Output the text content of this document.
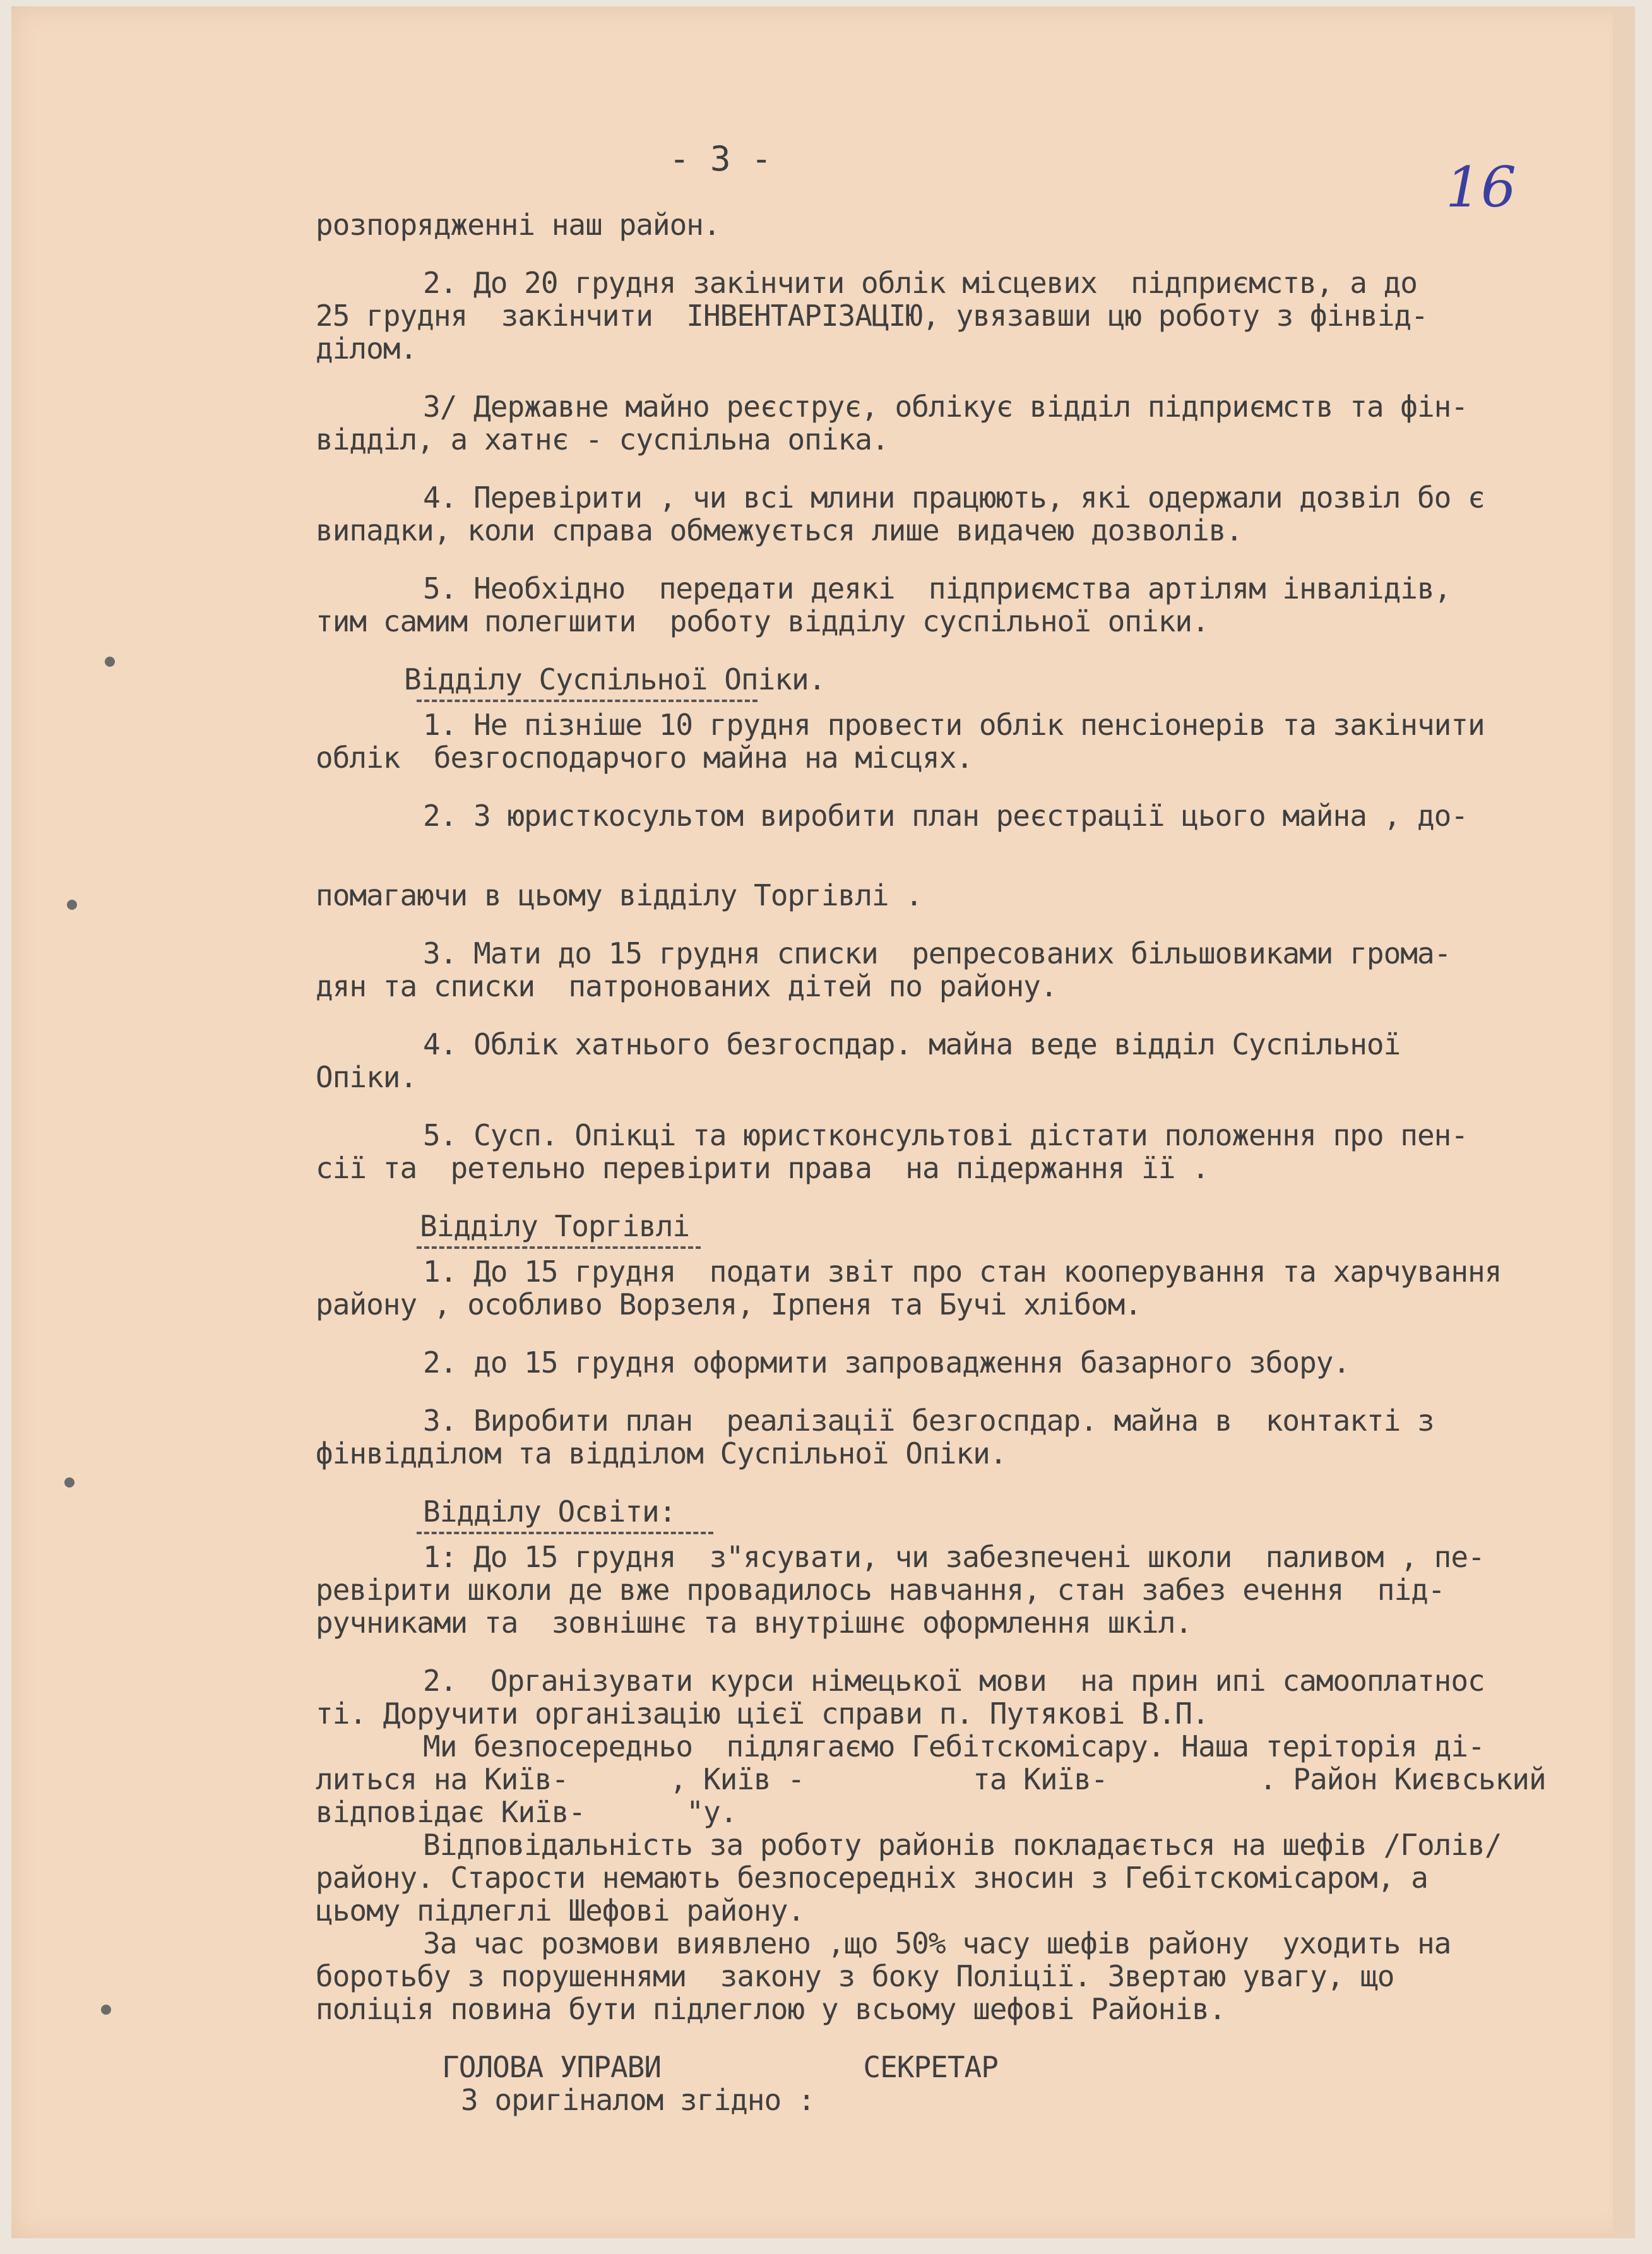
- 3 -	16
розпорядженні наш район.
2. До 20 грудня закінчити облік місцевих  підприємств, а до
25 грудня  закінчити  ІНВЕНТАРІЗАЦІЮ, увязавши цю роботу з фінвід-
ділом.
3/ Державне майно реєструє, облікує відділ підприємств та фін-
відділ, а хатнє - суспільна опіка.
4. Перевірити , чи всі млини працюють, які одержали дозвіл бо є
випадки, коли справа обмежується лише видачею дозволів.
5. Необхідно  передати деякі  підприємства артілям інвалідів,
тим самим полегшити  роботу відділу суспільної опіки.
Відділу Суспільної Опіки.
1. Не пізніше 10 грудня провести облік пенсіонерів та закінчити
облік  безгосподарчого майна на місцях.
2. З юристкосультом виробити план реєстрації цього майна , до-
помагаючи в цьому відділу Торгівлі .
3. Мати до 15 грудня списки  репресованих більшовиками грома-
дян та списки  патронованих дітей по району.
4. Облік хатнього безгоспдар. майна веде відділ Суспільної
Опіки.
5. Сусп. Опікці та юристконсультові дістати положення про пен-
сії та  ретельно перевірити права  на підержання її .
Відділу Торгівлі
1. До 15 грудня  подати звіт про стан кооперування та харчування
району , особливо Ворзеля, Ірпеня та Бучі хлібом.
2. до 15 грудня оформити запровадження базарного збору.
3. Виробити план  реалізації безгоспдар. майна в  контакті з
фінвідділом та відділом Суспільної Опіки.
Відділу Освіти:
1: До 15 грудня  з"ясувати, чи забезпечені школи  паливом , пе-
ревірити школи де вже провадилось навчання, стан забез ечення  під-
ручниками та  зовнішнє та внутрішнє оформлення шкіл.
2.  Організувати курси німецької мови  на прин ипі самооплатнос
ті. Доручити організацію цієї справи п. Путякові В.П.
Ми безпосередньо  підлягаємо Гебітскомісару. Наша теріторія ді-
литься на Київ-      , Київ -          та Київ-         . Район Києвський
відповідає Київ-      "у.
Відповідальність за роботу районів покладається на шефів /Голів/
району. Старости немають безпосередніх зносин з Гебітскомісаром, а
цьому підлеглі Шефові району.
За час розмови виявлено ,що 50% часу шефів району  уходить на
боротьбу з порушеннями  закону з боку Поліції. Звертаю увагу, що
поліція повина бути підлеглою у всьому шефові Районів.
ГОЛОВА УПРАВИ	СЕКРЕТАР
З оригіналом згідно :
